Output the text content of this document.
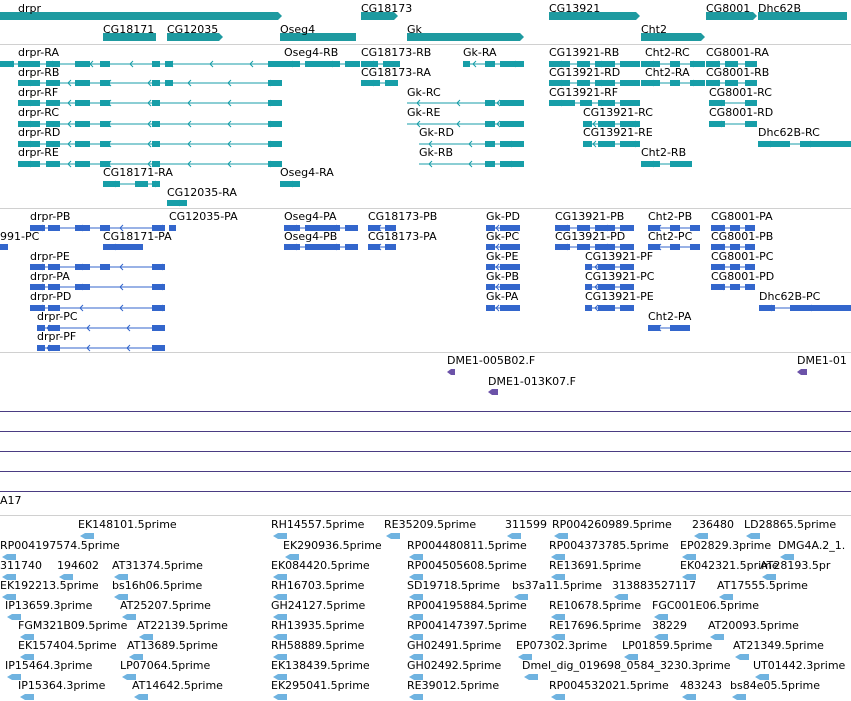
A17
drpr
CG18171 CG12035
CG18173
Oseg4	Gk
CG13921
Cht2
CG8001 Dhc62B
drpr-RA
drpr-RB
drpr-RF
drpr-RC
drpr-RD
drpr-RE
CG18171-RA
CG12035-RA
Oseg4-RB
Oseg4-RA
CG18173-RB
CG18173-RA
Gk-RA
Gk-RC
Gk-RE
Gk-RD
Gk-RB
CG13921-RB
CG13921-RD
CG13921-RF
CG13921-RC
CG13921-RE
Cht2-RC
Cht2-RA
Cht2-RB
CG8001-RA
CG8001-RB
CG8001-RC
CG8001-RD
Dhc62B-RC
drpr-PB
991-PC	CG18171-PA
drpr-PE
drpr-PA
drpr-PD
drpr-PC
drpr-PF
CG12035-PA	Oseg4-PA
Oseg4-PB
CG18173-PB
CG18173-PA
Gk-PD
Gk-PC
Gk-PE
Gk-PB
Gk-PA
CG13921-PB
CG13921-PD
CG13921-PF
CG13921-PC
CG13921-PE
Cht2-PB
Cht2-PC
Cht2-PA
CG8001-PA
CG8001-PB
CG8001-PC
CG8001-PD
Dhc62B-PC
DME1-005B02.F
DME1-013K07.F
DME1-01
EK148101.5prime	RH14557.5prime RE35209.5prime	311599 RP004260989.5prime 236480 LD28865.5prime
RP004197574.5prime	EK290936.5prime RP004480811.5prime RP004373785.5prime EP02829.3prime DMG4A.2_1.
311740 194602 AT31374.5prime	EK084420.5prime	RP004505608.5prime RE13691.5prime	EK042321.5prime
AT28193.5pr
EK192213.5prime bs16h06.5prime	RH16703.5prime	SD19718.5prime bs37a11.5prime 313883527117 AT17555.5prime
IP13659.3prime	AT25207.5prime	GH24127.5prime	RP004195884.5prime RE10678.5prime FGC001E06.5prime
FGM321B09.5prime AT22139.5prime	RH13935.5prime	RP004147397.5prime RE17696.5prime 38229 AT20093.5prime
EK157404.5prime AT13689.5prime	RH58889.5prime	GH02491.5prime EP07302.3prime LP01859.5prime AT21349.5prime
IP15464.3prime	LP07064.5prime	EK138439.5prime	GH02492.5prime Dmel_dig_019698_0584_3230.3prime UT01442.3prime
IP15364.3prime AT14642.5prime	EK295041.5prime	RE39012.5prime	RP004532021.5prime 483243 bs84e05.5prime
